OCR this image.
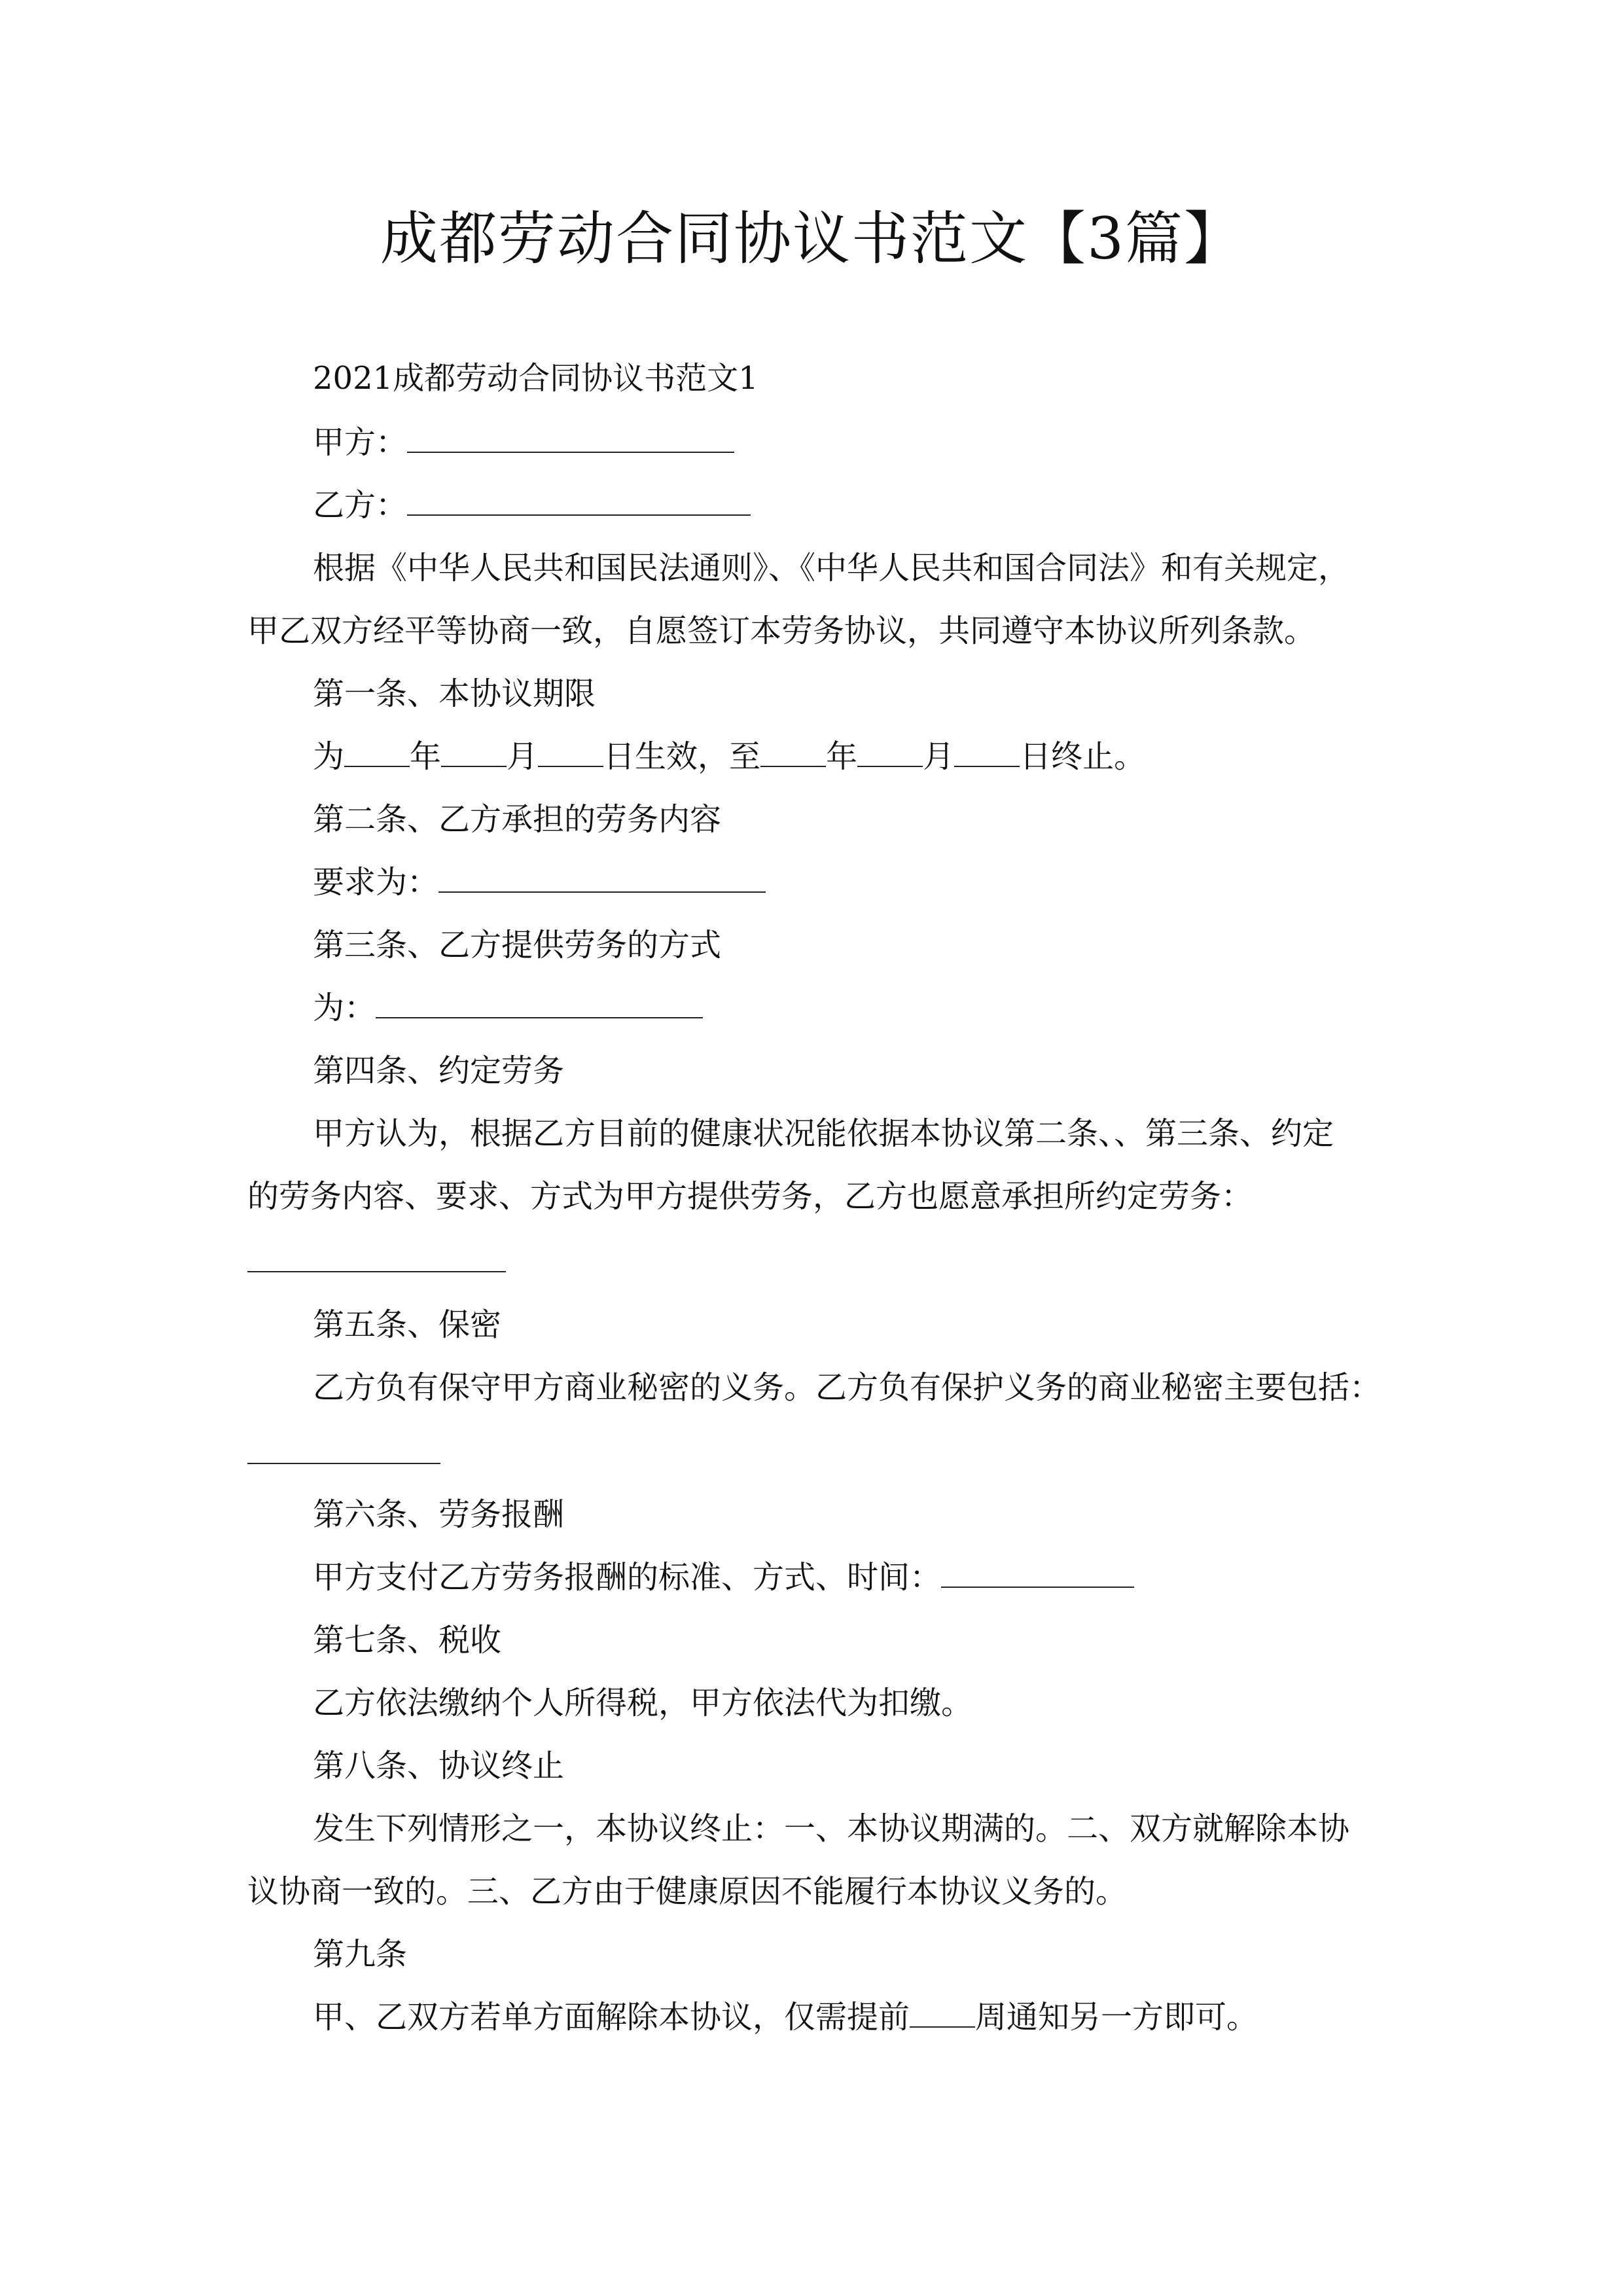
成都劳动合同协议书范文【3篇】
2021成都劳动合同协议书范文1
甲方：
乙方：
根据《中华人民共和国民法通则》、《中华人民共和国合同法》和有关规定，
甲乙双方经平等协商一致，自愿签订本劳务协议，共同遵守本协议所列条款。
第一条、本协议期限
为 年 月 日生效，至 年 月 日终止。
第二条、乙方承担的劳务内容
要求为：
第三条、乙方提供劳务的方式
为：
第四条、约定劳务
甲方认为，根据乙方目前的健康状况能依据本协议第二条、、第三条、约定
的劳务内容、要求、方式为甲方提供劳务，乙方也愿意承担所约定劳务：
第五条、保密
乙方负有保守甲方商业秘密的义务。乙方负有保护义务的商业秘密主要包括：
第六条、劳务报酬
甲方支付乙方劳务报酬的标准、方式、时间：
第七条、税收
乙方依法缴纳个人所得税，甲方依法代为扣缴。
第八条、协议终止
发生下列情形之一，本协议终止：一、本协议期满的。二、双方就解除本协
议协商一致的。三、乙方由于健康原因不能履行本协议义务的。
第九条
甲、乙双方若单方面解除本协议，仅需提前 周通知另一方即可。
